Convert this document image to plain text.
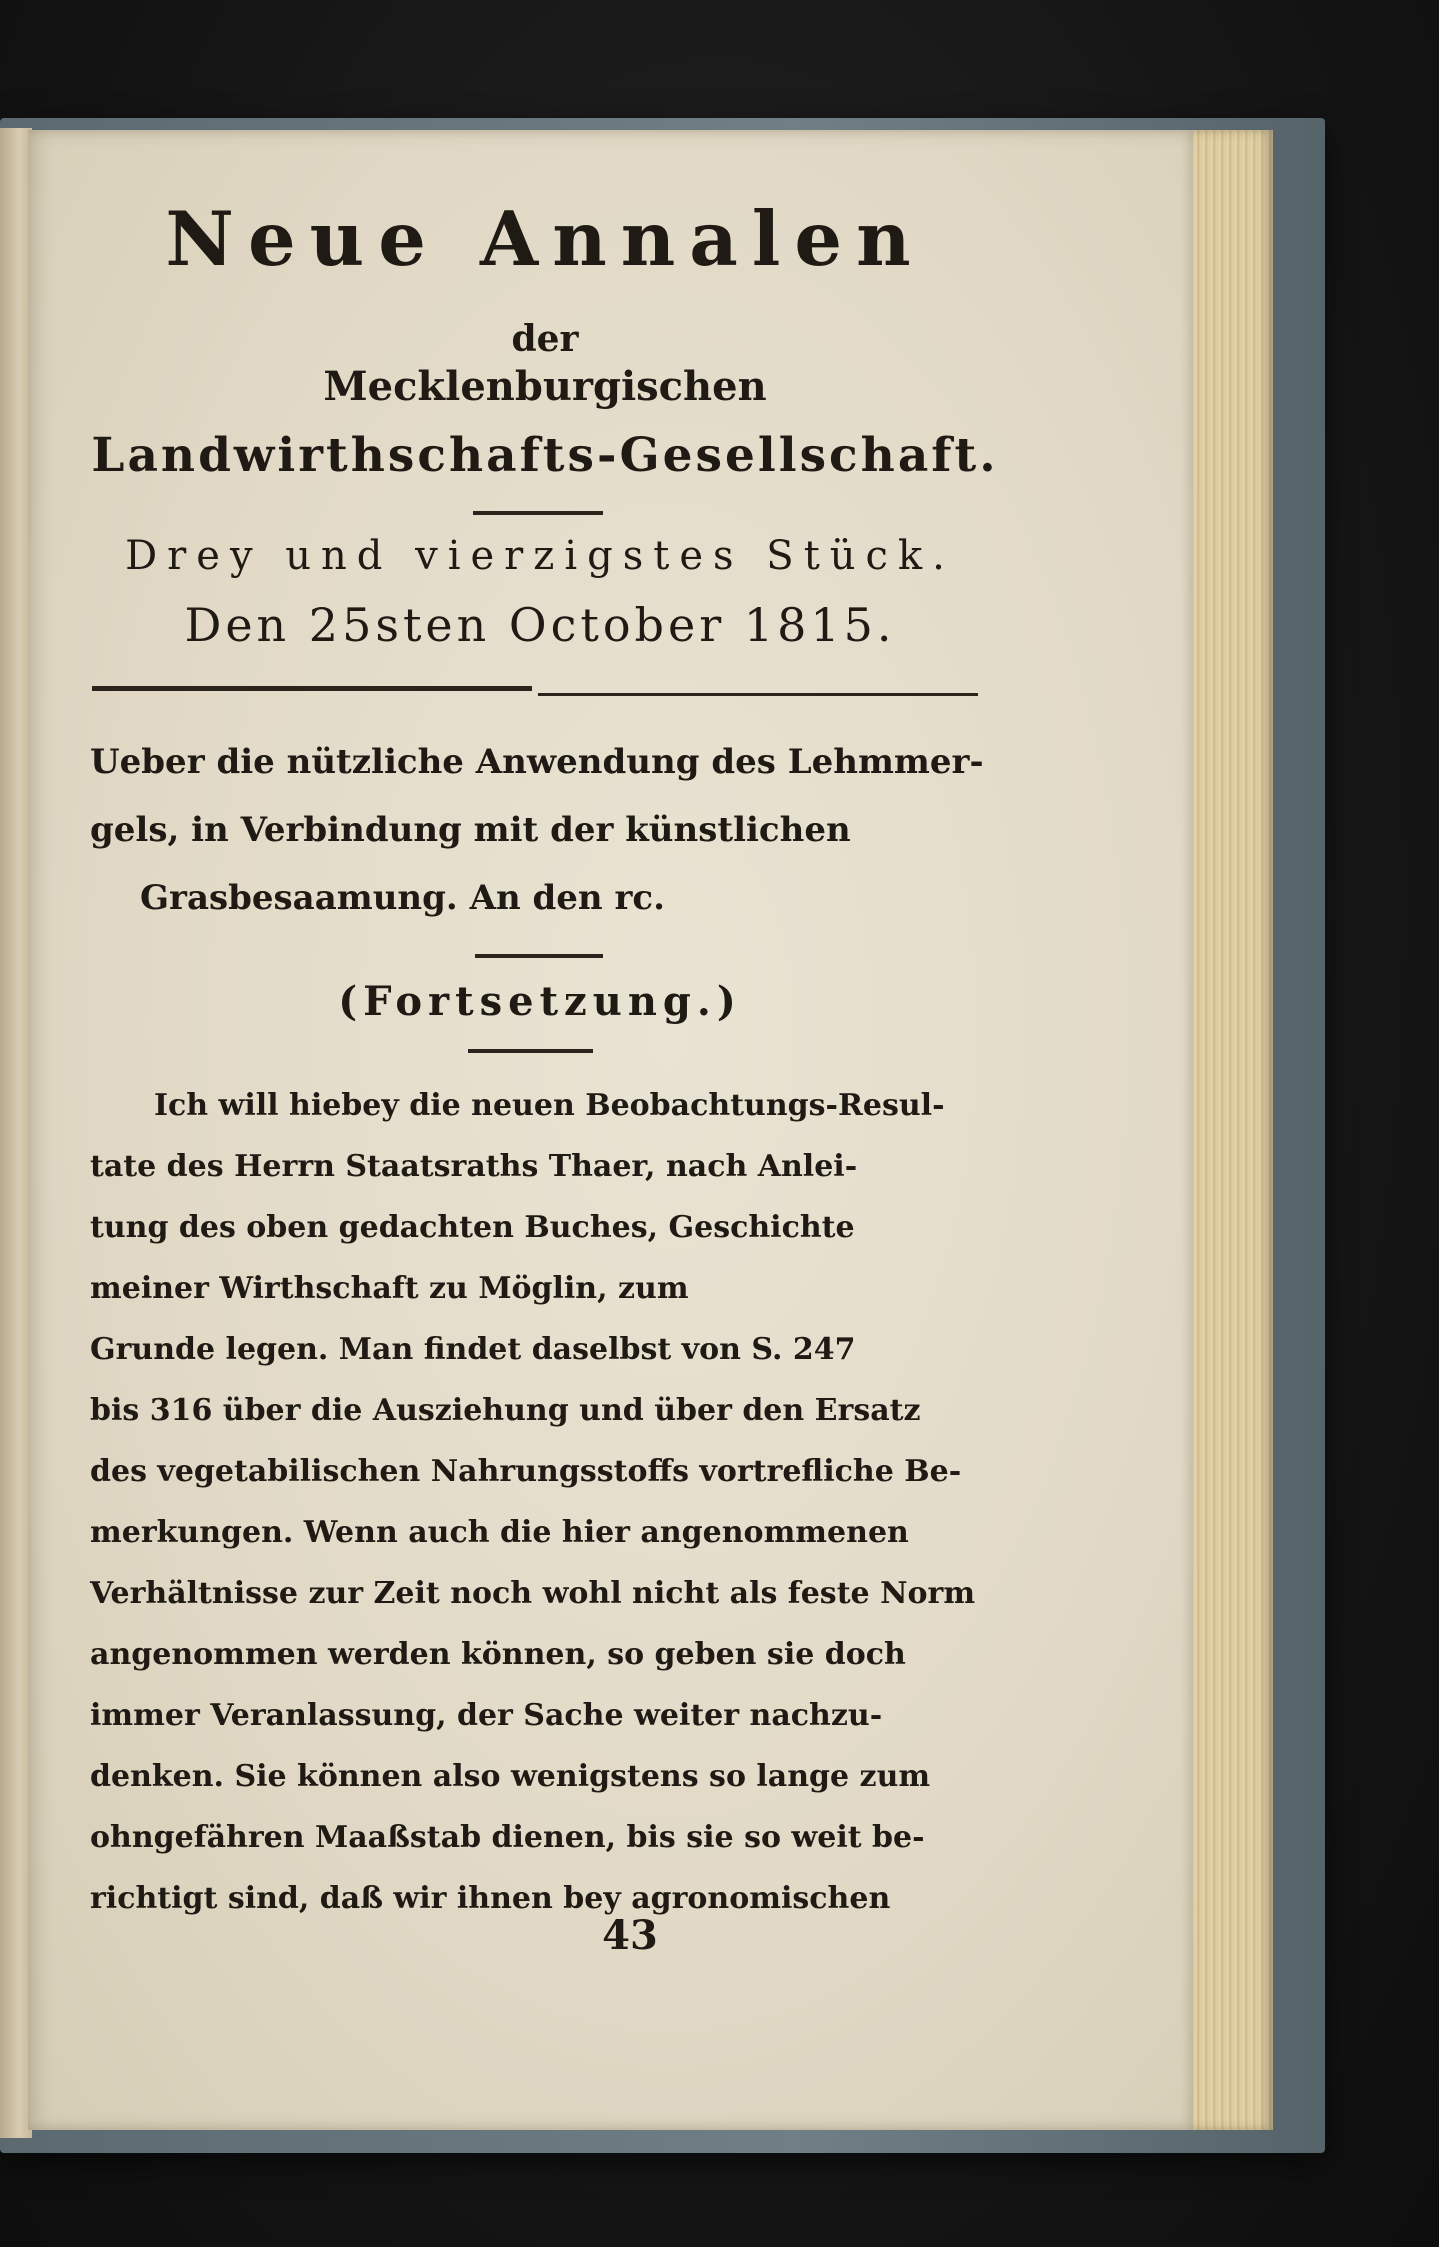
Neue Annalen
der
Mecklenburgischen
Landwirthschafts-Gesellschaft.
Drey und vierzigstes Stück.
Den 25sten October 1815.
Ueber die nützliche Anwendung des Lehmmer-
gels, in Verbindung mit der künstlichen
Grasbesaamung. An den rc.
(Fortsetzung.)
Ich will hiebey die neuen Beobachtungs-Resul-
tate des Herrn Staatsraths Thaer, nach Anlei-
tung des oben gedachten Buches, Geschichte
meiner Wirthschaft zu Möglin, zum
Grunde legen. Man findet daselbst von S. 247
bis 316 über die Ausziehung und über den Ersatz
des vegetabilischen Nahrungsstoffs vortrefliche Be-
merkungen. Wenn auch die hier angenommenen
Verhältnisse zur Zeit noch wohl nicht als feste Norm
angenommen werden können, so geben sie doch
immer Veranlassung, der Sache weiter nachzu-
denken. Sie können also wenigstens so lange zum
ohngefähren Maaßstab dienen, bis sie so weit be-
richtigt sind, daß wir ihnen bey agronomischen
43
